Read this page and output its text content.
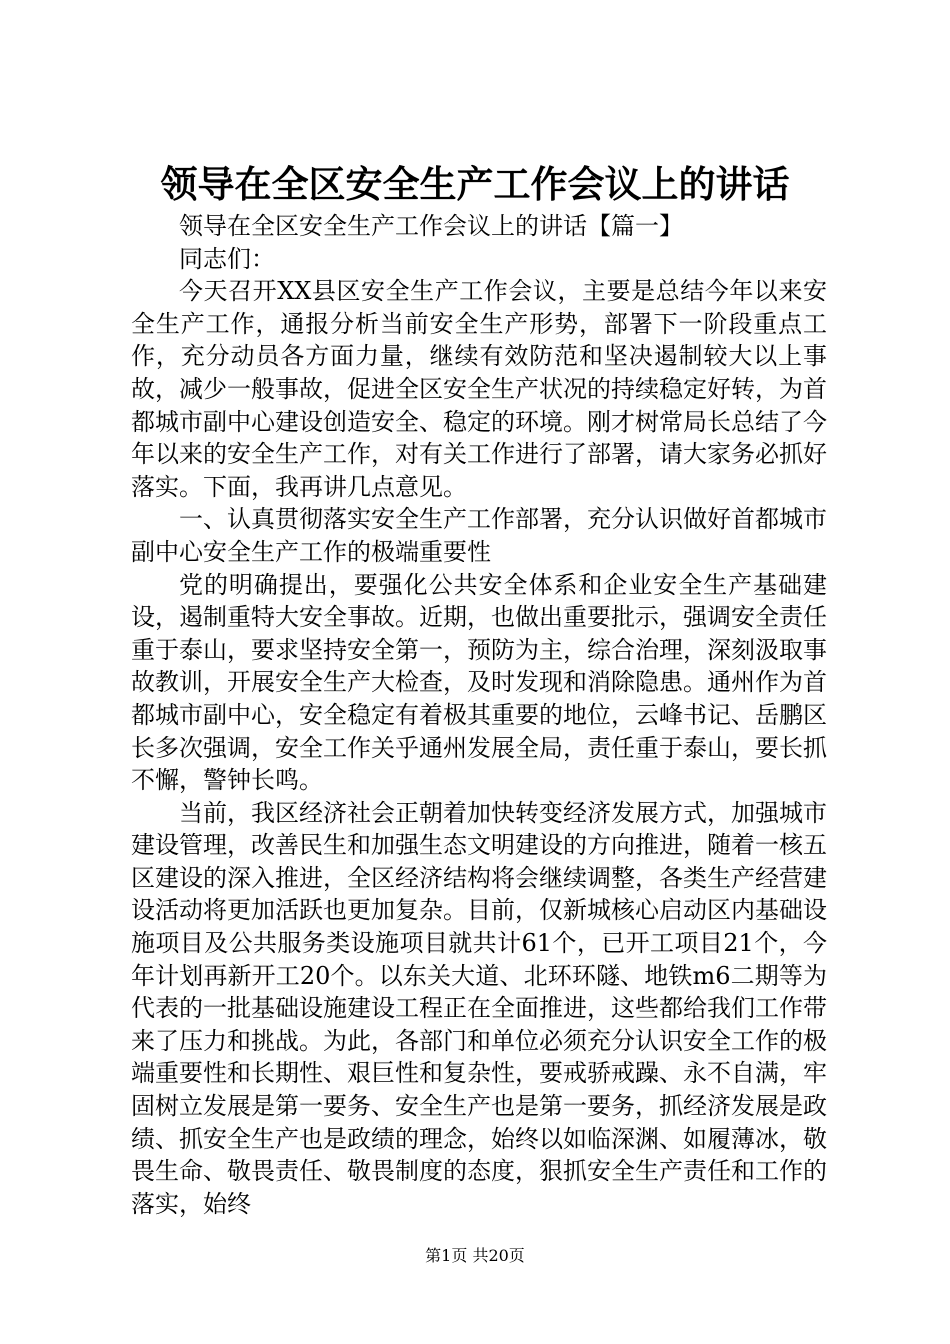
领导在全区安全生产工作会议上的讲话

领导在全区安全生产工作会议上的讲话【篇一】

同志们：

今天召开XX县区安全生产工作会议，主要是总结今年以来安全生产工作，通报分析当前安全生产形势，部署下一阶段重点工作，充分动员各方面力量，继续有效防范和坚决遏制较大以上事故，减少一般事故，促进全区安全生产状况的持续稳定好转，为首都城市副中心建设创造安全、稳定的环境。刚才树常局长总结了今年以来的安全生产工作，对有关工作进行了部署，请大家务必抓好落实。下面，我再讲几点意见。

一、认真贯彻落实安全生产工作部署，充分认识做好首都城市副中心安全生产工作的极端重要性

党的明确提出，要强化公共安全体系和企业安全生产基础建设，遏制重特大安全事故。近期，也做出重要批示，强调安全责任重于泰山，要求坚持安全第一，预防为主，综合治理，深刻汲取事故教训，开展安全生产大检查，及时发现和消除隐患。通州作为首都城市副中心，安全稳定有着极其重要的地位，云峰书记、岳鹏区长多次强调，安全工作关乎通州发展全局，责任重于泰山，要长抓不懈，警钟长鸣。

当前，我区经济社会正朝着加快转变经济发展方式，加强城市建设管理，改善民生和加强生态文明建设的方向推进，随着一核五区建设的深入推进，全区经济结构将会继续调整，各类生产经营建设活动将更加活跃也更加复杂。目前，仅新城核心启动区内基础设施项目及公共服务类设施项目就共计61个，已开工项目21个，今年计划再新开工20个。以东关大道、北环环隧、地铁m6二期等为代表的一批基础设施建设工程正在全面推进，这些都给我们工作带来了压力和挑战。为此，各部门和单位必须充分认识安全工作的极端重要性和长期性、艰巨性和复杂性，要戒骄戒躁、永不自满，牢固树立发展是第一要务、安全生产也是第一要务，抓经济发展是政绩、抓安全生产也是政绩的理念，始终以如临深渊、如履薄冰，敬畏生命、敬畏责任、敬畏制度的态度，狠抓安全生产责任和工作的落实，始终

第1页 共20页
